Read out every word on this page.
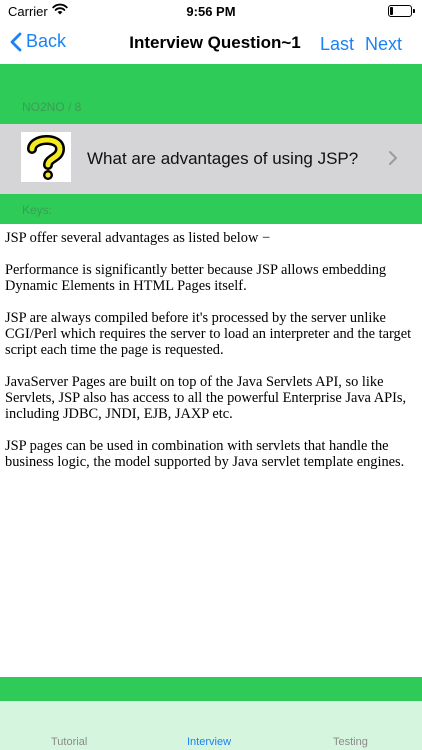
Carrier	9:56 PM
Back	Interview Question~1	Last Next
NO2NO / 8
What are advantages of using JSP?
Keys:

JSP offer several advantages as listed below −

Performance is significantly better because JSP allows embedding Dynamic Elements in HTML Pages itself.

JSP are always compiled before it's processed by the server unlike CGI/Perl which requires the server to load an interpreter and the target script each time the page is requested.

JavaServer Pages are built on top of the Java Servlets API, so like Servlets, JSP also has access to all the powerful Enterprise Java APIs, including JDBC, JNDI, EJB, JAXP etc.

JSP pages can be used in combination with servlets that handle the business logic, the model supported by Java servlet template engines.

Tutorial	Interview	Testing
